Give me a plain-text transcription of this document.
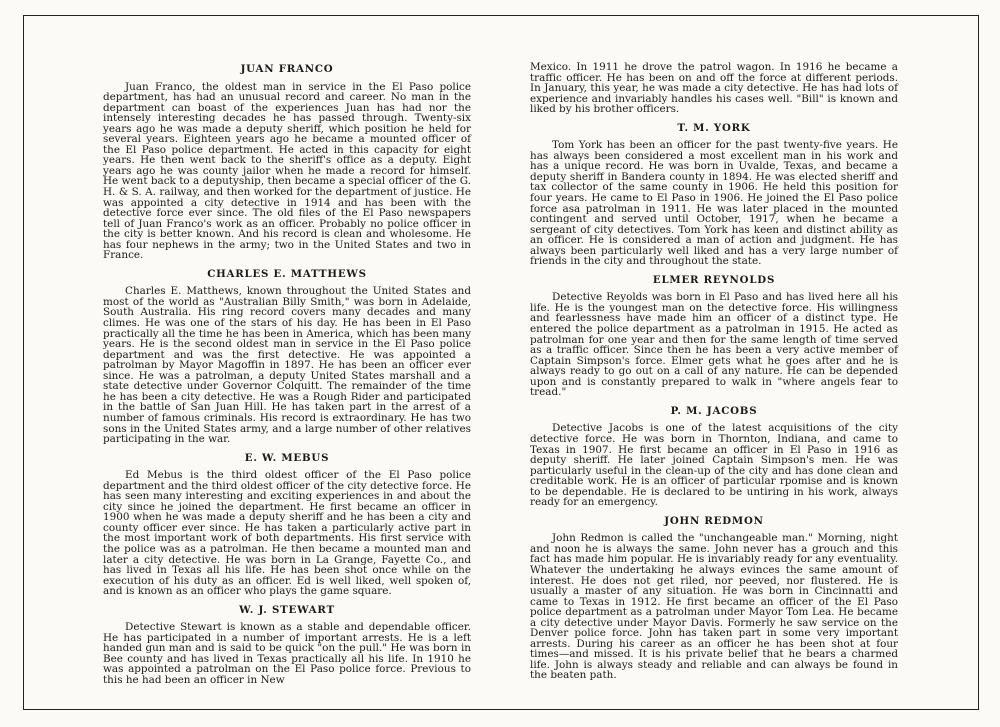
JUAN FRANCO

Juan Franco, the oldest man in service in the El Paso police department, has had an unusual record and career. No man in the department can boast of the experiences Juan has had nor the intensely interesting decades he has passed through. Twenty-six years ago he was made a deputy sheriff, which position he held for several years. Eighteen years ago he became a mounted officer of the El Paso police department. He acted in this capacity for eight years. He then went back to the sheriff's office as a deputy. Eight years ago he was county jailor when he made a record for himself. He went back to a deputyship, then became a special officer of the G. H. & S. A. railway, and then worked for the department of justice. He was appointed a city detective in 1914 and has been with the detective force ever since. The old files of the El Paso newspapers tell of Juan Franco's work as an officer. Probably no police officer in the city is better known. And his record is clean and wholesome. He has four nephews in the army; two in the United States and two in France.

CHARLES E. MATTHEWS

Charles E. Matthews, known throughout the United States and most of the world as "Australian Billy Smith," was born in Adelaide, South Australia. His ring record covers many decades and many climes. He was one of the stars of his day. He has been in El Paso practically all the time he has been in America, which has been many years. He is the second oldest man in service in the El Paso police department and was the first detective. He was appointed a patrolman by Mayor Magoffin in 1897. He has been an officer ever since. He was a patrolman, a deputy United States marshall and a state detective under Governor Colquitt. The remainder of the time he has been a city detective. He was a Rough Rider and participated in the battle of San Juan Hill. He has taken part in the arrest of a number of famous criminals. His record is extraordinary. He has two sons in the United States army, and a large number of other relatives participating in the war.

E. W. MEBUS

Ed Mebus is the third oldest officer of the El Paso police department and the third oldest officer of the city detective force. He has seen many interesting and exciting experiences in and about the city since he joined the department. He first became an officer in 1900 when he was made a deputy sheriff and he has been a city and county officer ever since. He has taken a particularly active part in the most important work of both departments. His first service with the police was as a patrolman. He then became a mounted man and later a city detective. He was born in La Grange, Fayette Co., and has lived in Texas all his life. He has been shot once while on the execution of his duty as an officer. Ed is well liked, well spoken of, and is known as an officer who plays the game square.

W. J. STEWART

Detective Stewart is known as a stable and dependable officer. He has participated in a number of important arrests. He is a left handed gun man and is said to be quick "on the pull." He was born in Bee county and has lived in Texas practically all his life. In 1910 he was appointed a patrolman on the El Paso police force. Previous to this he had been an officer in New

Mexico. In 1911 he drove the patrol wagon. In 1916 he became a traffic officer. He has been on and off the force at different periods. In January, this year, he was made a city detective. He has had lots of experience and invariably handles his cases well. "Bill" is known and liked by his brother officers.

T. M. YORK

Tom York has been an officer for the past twenty-five years. He has always been considered a most excellent man in his work and has a unique record. He was born in Uvalde, Texas, and became a deputy sheriff in Bandera county in 1894. He was elected sheriff and tax collector of the same county in 1906. He held this position for four years. He came to El Paso in 1906. He joined the El Paso police force asa patrolman in 1911. He was later placed in the mounted contingent and served until October, 1917, when he became a sergeant of city detectives. Tom York has keen and distinct ability as an officer. He is considered a man of action and judgment. He has always been particularly well liked and has a very large number of friends in the city and throughout the state.

ELMER REYNOLDS

Detective Reyolds was born in El Paso and has lived here all his life. He is the youngest man on the detective force. His willingness and fearlessness have made him an officer of a distinct type. He entered the police department as a patrolman in 1915. He acted as patrolman for one year and then for the same length of time served as a traffic officer. Since then he has been a very active member of Captain Simpson's force. Elmer gets what he goes after and he is always ready to go out on a call of any nature. He can be depended upon and is constantly prepared to walk in "where angels fear to tread."

P. M. JACOBS

Detective Jacobs is one of the latest acquisitions of the city detective force. He was born in Thornton, Indiana, and came to Texas in 1907. He first became an officer in El Paso in 1916 as deputy sheriff. He later joined Captain Simpson's men. He was particularly useful in the clean-up of the city and has done clean and creditable work. He is an officer of particular rpomise and is known to be dependable. He is declared to be untiring in his work, always ready for an emergency.

JOHN REDMON

John Redmon is called the "unchangeable man." Morning, night and noon he is always the same. John never has a grouch and this fact has made him popular. He is invariably ready for any eventuality. Whatever the undertaking he always evinces the same amount of interest. He does not get riled, nor peeved, nor flustered. He is usually a master of any situation. He was born in Cincinnatti and came to Texas in 1912. He first became an officer of the El Paso police department as a patrolman under Mayor Tom Lea. He became a city detective under Mayor Davis. Formerly he saw service on the Denver police force. John has taken part in some very important arrests. During his career as an officer he has been shot at four times—and missed. It is his private belief that he bears a charmed life. John is always steady and reliable and can always be found in the beaten path.
